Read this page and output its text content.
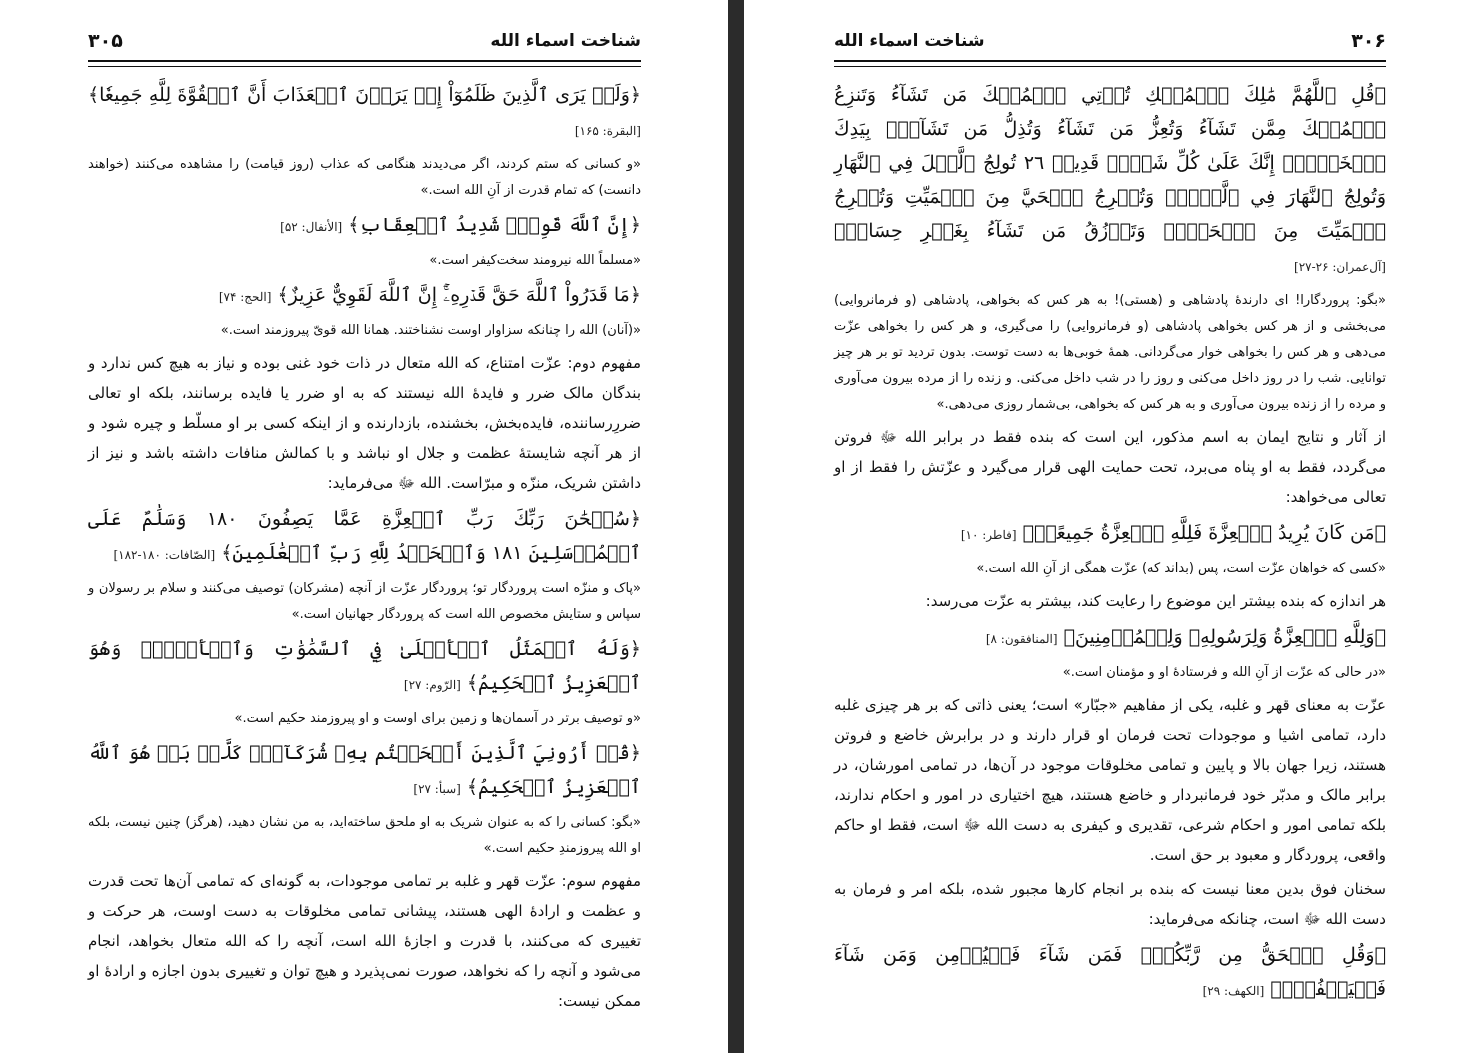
شناخت اسماء الله
۳۰۵
﴿وَلَوۡ يَرَى ٱلَّذِينَ ظَلَمُوٓاْ إِذۡ يَرَوۡنَ ٱلۡعَذَابَ أَنَّ ٱلۡقُوَّةَ لِلَّهِ جَمِيعٗا﴾ [البقرة: ۱۶۵]
«و کسانی که ستم کردند، اگر می‌دیدند هنگامی که عذاب (روز قیامت) را مشاهده می‌کنند (خواهند دانست) که تمام قدرت از آنِ الله است.»
﴿إِنَّ ٱللَّهَ قَوِيّٞ شَدِيدُ ٱلۡعِقَابِ﴾ [الأنفال: ۵۲]
«مسلماً الله نیرومند سخت‌کیفر است.»
﴿مَا قَدَرُواْ ٱللَّهَ حَقَّ قَدۡرِهِۦٓۚ إِنَّ ٱللَّهَ لَقَوِيٌّ عَزِيزٌ﴾ [الحج: ۷۴]
«(آنان) الله را چنانکه سزاوار اوست نشناختند. همانا الله قویّ پیروزمند است.»
مفهوم دوم: عزّت امتناع، که الله متعال در ذات خود غنی بوده و نیاز به هیچ کس ندارد و بندگان مالک ضرر و فایدۀ الله نیستند که به او ضرر یا فایده برسانند، بلکه او تعالی ضررِرساننده، فایده‌بخش، بخشنده، بازدارنده و از اینکه کسی بر او مسلّط و چیره شود و از هر آنچه شایستۀ عظمت و جلال او نباشد و با کمالش منافات داشته باشد و نیز از داشتن شریک، منزّه و مبرّاست. الله ﷻ می‌فرماید:
﴿سُبۡحَٰنَ رَبِّكَ رَبِّ ٱلۡعِزَّةِ عَمَّا يَصِفُونَ ١٨٠ وَسَلَٰمٌ عَلَى ٱلۡمُرۡسَلِينَ ١٨١ وَٱلۡحَمۡدُ لِلَّهِ رَبِّ ٱلۡعَٰلَمِينَ﴾ [الصّافات: ۱۸۰-۱۸۲]
«پاک و منزّه است پروردگار تو؛ پروردگار عزّت از آنچه (مشرکان) توصیف می‌کنند و سلام بر رسولان و سپاس و ستایش مخصوص الله است که پروردگار جهانیان است.»
﴿وَلَهُ ٱلۡمَثَلُ ٱلۡأَعۡلَىٰ فِي ٱلسَّمَٰوَٰتِ وَٱلۡأَرۡضِۚ وَهُوَ ٱلۡعَزِيزُ ٱلۡحَكِيمُ﴾ [الرّوم: ۲۷]
«و توصیف برتر در آسمان‌ها و زمین برای اوست و او پیروزمند حکیم است.»
﴿قُلۡ أَرُونِيَ ٱلَّذِينَ أَلۡحَقۡتُم بِهِۦ شُرَكَآءَۖ كَلَّاۚ بَلۡ هُوَ ٱللَّهُ ٱلۡعَزِيزُ ٱلۡحَكِيمُ﴾ [سبأ: ۲۷]
«بگو: کسانی را که به عنوان شریک به او ملحق ساخته‌اید، به من نشان دهید، (هرگز) چنین نیست، بلکه او الله پیروزمندِ حکیم است.»
مفهوم سوم: عزّت قهر و غلبه بر تمامی موجودات، به گونه‌ای که تمامی آن‌ها تحت قدرت و عظمت و ارادۀ الهی هستند، پیشانی تمامی مخلوقات به دست اوست، هر حرکت و تغییری که می‌کنند، با قدرت و اجازۀ الله است، آنچه را که الله متعال بخواهد، انجام می‌شود و آنچه را که نخواهد، صورت نمی‌پذیرد و هیچ توان و تغییری بدون اجازه و ارادۀ او ممکن نیست:
۳۰۶
شناخت اسماء الله
﴿قُلِ ٱللَّهُمَّ مَٰلِكَ ٱلۡمُلۡكِ تُؤۡتِي ٱلۡمُلۡكَ مَن تَشَآءُ وَتَنزِعُ ٱلۡمُلۡكَ مِمَّن تَشَآءُ وَتُعِزُّ مَن تَشَآءُ وَتُذِلُّ مَن تَشَآءُۖ بِيَدِكَ ٱلۡخَيۡرُۖ إِنَّكَ عَلَىٰ كُلِّ شَيۡءٖ قَدِيرٞ ٢٦ تُولِجُ ٱلَّيۡلَ فِي ٱلنَّهَارِ وَتُولِجُ ٱلنَّهَارَ فِي ٱلَّيۡلِۖ وَتُخۡرِجُ ٱلۡحَيَّ مِنَ ٱلۡمَيِّتِ وَتُخۡرِجُ ٱلۡمَيِّتَ مِنَ ٱلۡحَيِّۖ وَتَرۡزُقُ مَن تَشَآءُ بِغَيۡرِ حِسَابٖ﴾ [آل‌عمران: ۲۶-۲۷]
«بگو: پروردگارا! ای دارندۀ پادشاهی و (هستی)! به هر کس که بخواهی، پادشاهی (و فرمانروایی) می‌بخشی و از هر کس بخواهی پادشاهی (و فرمانروایی) را می‌گیری، و هر کس را بخواهی عزّت می‌دهی و هر کس را بخواهی خوار می‌گردانی. همۀ خوبی‌ها به دست توست. بدون تردید تو بر هر چیز توانایی. شب را در روز داخل می‌کنی و روز را در شب داخل می‌کنی. و زنده را از مرده بیرون می‌آوری و مرده را از زنده بیرون می‌آوری و به هر کس که بخواهی، بی‌شمار روزی می‌دهی.»
از آثار و نتایج ایمان به اسم مذکور، این است که بنده فقط در برابر الله ﷻ فروتن می‌گردد، فقط به او پناه می‌برد، تحت حمایت الهی قرار می‌گیرد و عزّتش را فقط از او تعالی می‌خواهد:
﴿مَن كَانَ يُرِيدُ ٱلۡعِزَّةَ فَلِلَّهِ ٱلۡعِزَّةُ جَمِيعًاۚ﴾ [فاطر: ۱۰]
«کسی که خواهان عزّت است، پس (بداند که) عزّت همگی از آنِ الله است.»
هر اندازه که بنده بیشتر این موضوع را رعایت کند، بیشتر به عزّت می‌رسد:
﴿وَلِلَّهِ ٱلۡعِزَّةُ وَلِرَسُولِهِۦ وَلِلۡمُؤۡمِنِينَ﴾ [المنافقون: ۸]
«در حالی که عزّت از آنِ الله و فرستادۀ او و مؤمنان است.»
عزّت به معنای قهر و غلبه، یکی از مفاهیم «جبّار» است؛ یعنی ذاتی که بر هر چیزی غلبه دارد، تمامی اشیا و موجودات تحت فرمان او قرار دارند و در برابرش خاضع و فروتن هستند، زیرا جهان بالا و پایین و تمامی مخلوقات موجود در آن‌ها، در تمامی امورشان، در برابر مالک و مدبّر خود فرمانبردار و خاضع هستند، هیچ اختیاری در امور و احکام ندارند، بلکه تمامی امور و احکام شرعی، تقدیری و کیفری به دست الله ﷻ است، فقط او حاکم واقعی، پروردگار و معبود بر حق است.
سخنان فوق بدین معنا نیست که بنده بر انجام کارها مجبور شده، بلکه امر و فرمان به دست الله ﷻ است، چنانکه می‌فرماید:
﴿وَقُلِ ٱلۡحَقُّ مِن رَّبِّكُمۡۖ فَمَن شَآءَ فَلۡيُؤۡمِن وَمَن شَآءَ فَلۡيَكۡفُرۡۚ﴾ [الكهف: ۲۹]
